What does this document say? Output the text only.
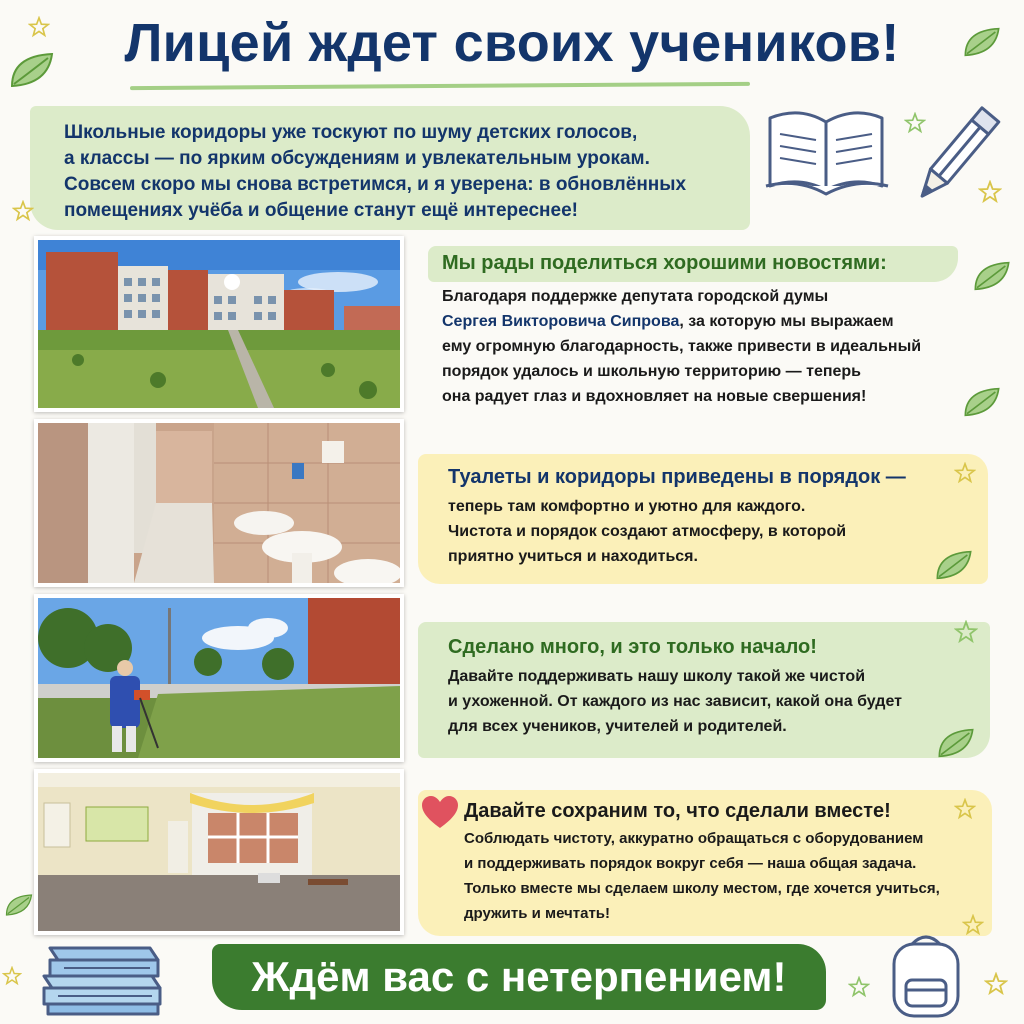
Лицей ждет своих учеников!

Школьные коридоры уже тоскуют по шуму детских голосов,

а классы — по ярким обсуждениям и увлекательным урокам.

Совсем скоро мы снова встретимся, и я уверена: в обновлённых

помещениях учёба и общение станут ещё интереснее!

Мы рады поделиться хорошими новостями:
Благодаря поддержке депутата городской думы
Сергея Викторовича Сипрова, за которую мы выражаем
ему огромную благодарность, также привести в идеальный
порядок удалось и школьную территорию — теперь
она радует глаз и вдохновляет на новые свершения!
Туалеты и коридоры приведены в порядок —
теперь там комфортно и уютно для каждого.
Чистота и порядок создают атмосферу, в которой
приятно учиться и находиться.
Сделано много, и это только начало!
Давайте поддерживать нашу школу такой же чистой
и ухоженной. От каждого из нас зависит, какой она будет
для всех учеников, учителей и родителей.
Давайте сохраним то, что сделали вместе!
Соблюдать чистоту, аккуратно обращаться с оборудованием
и поддерживать порядок вокруг себя — наша общая задача.
Только вместе мы сделаем школу местом, где хочется учиться,
дружить и мечтать!
Ждём вас с нетерпением!
